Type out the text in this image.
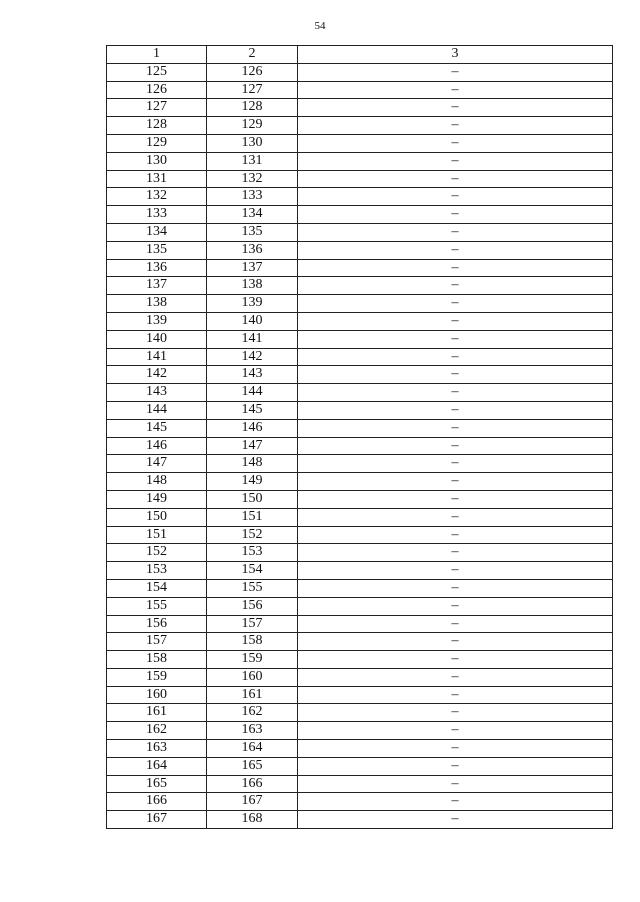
54
1	2	3
125	126	–
126	127	–
127	128	–
128	129	–
129	130	–
130	131	–
131	132	–
132	133	–
133	134	–
134	135	–
135	136	–
136	137	–
137	138	–
138	139	–
139	140	–
140	141	–
141	142	–
142	143	–
143	144	–
144	145	–
145	146	–
146	147	–
147	148	–
148	149	–
149	150	–
150	151	–
151	152	–
152	153	–
153	154	–
154	155	–
155	156	–
156	157	–
157	158	–
158	159	–
159	160	–
160	161	–
161	162	–
162	163	–
163	164	–
164	165	–
165	166	–
166	167	–
167	168	–
